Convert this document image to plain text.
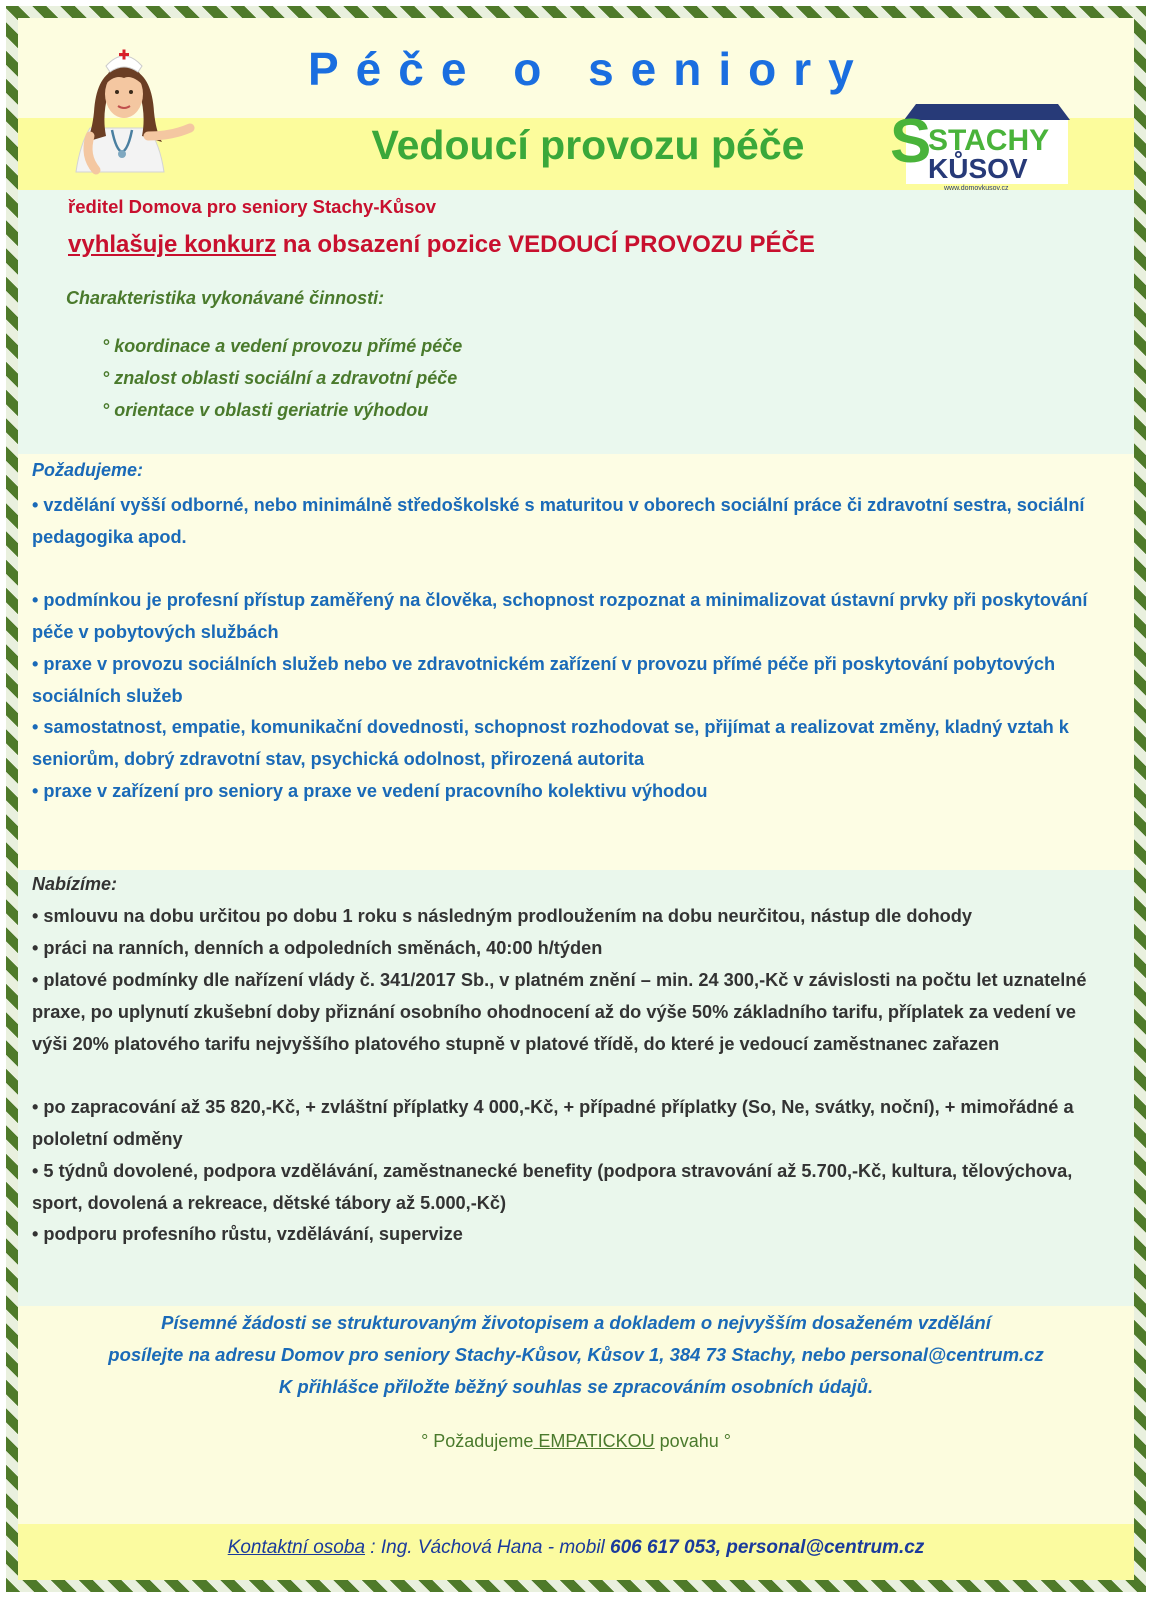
Péče o seniory
Vedoucí provozu péče	S
STACHY
KŮSOV
www.domovkusov.cz

ředitel Domova pro seniory Stachy-Kůsov

vyhlašuje konkurz na obsazení pozice VEDOUCÍ PROVOZU PÉČE

Charakteristika vykonávané činnosti:

° koordinace a vedení provozu přímé péče

° znalost oblasti sociální a zdravotní péče

° orientace v oblasti geriatrie výhodou

Požadujeme:

• vzdělání vyšší odborné, nebo minimálně středoškolské s maturitou v oborech sociální práce či zdravotní sestra, sociální pedagogika apod.

• podmínkou je profesní přístup zaměřený na člověka, schopnost rozpoznat a minimalizovat ústavní prvky při poskytování péče v pobytových službách

• praxe v provozu sociálních služeb nebo ve zdravotnickém zařízení v provozu přímé péče při poskytování pobytových sociálních služeb

• samostatnost, empatie, komunikační dovednosti, schopnost rozhodovat se, přijímat a realizovat změny, kladný vztah k seniorům, dobrý zdravotní stav, psychická odolnost, přirozená autorita

• praxe v zařízení pro seniory a praxe ve vedení pracovního kolektivu výhodou

Nabízíme:

• smlouvu na dobu určitou po dobu 1 roku s následným prodloužením na dobu neurčitou, nástup dle dohody

• práci na ranních, denních a odpoledních směnách, 40:00 h/týden

• platové podmínky dle nařízení vlády č. 341/2017 Sb., v platném znění – min. 24 300,-Kč v závislosti na počtu let uznatelné praxe, po uplynutí zkušební doby přiznání osobního ohodnocení až do výše 50% základního tarifu, příplatek za vedení ve výši 20% platového tarifu nejvyššího platového stupně v platové třídě, do které je vedoucí zaměstnanec zařazen

• po zapracování až 35 820,-Kč, + zvláštní příplatky 4 000,-Kč, + případné příplatky (So, Ne, svátky, noční), + mimořádné a pololetní odměny

• 5 týdnů dovolené, podpora vzdělávání, zaměstnanecké benefity (podpora stravování až 5.700,-Kč, kultura, tělovýchova, sport, dovolená a rekreace, dětské tábory až 5.000,-Kč)

• podporu profesního růstu, vzdělávání, supervize

Písemné žádosti se strukturovaným životopisem a dokladem o nejvyšším dosaženém vzdělání

posílejte na adresu Domov pro seniory Stachy-Kůsov, Kůsov 1, 384 73 Stachy, nebo personal@centrum.cz

K přihlášce přiložte běžný souhlas se zpracováním osobních údajů.

° Požadujeme EMPATICKOU povahu °

Kontaktní osoba : Ing. Váchová Hana - mobil 606 617 053, personal@centrum.cz
